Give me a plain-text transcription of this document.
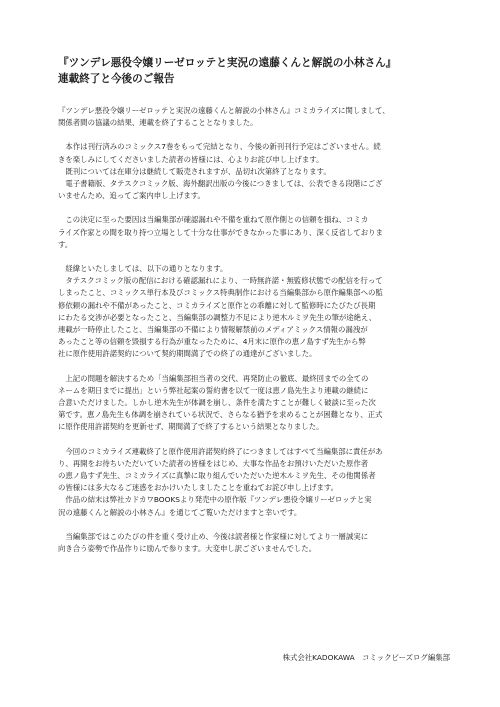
『ツンデレ悪役令嬢リーゼロッテと実況の遠藤くんと解説の小林さん』
連載終了と今後のご報告

『ツンデレ悪役令嬢リーゼロッテと実況の遠藤くんと解説の小林さん』コミカライズに関しまして、
関係者間の協議の結果、連載を終了することとなりました。

　本作は刊行済みのコミックス7巻をもって完結となり、今後の新刊刊行予定はございません。続
きを楽しみにしてくださいました読者の皆様には、心よりお詫び申し上げます。
　既刊については在庫分は継続して販売されますが、品切れ次第終了となります。
　電子書籍版、タテスクコミック版、海外翻訳出版の今後につきましては、公表できる段階にござ
いませんため、追ってご案内申し上げます。

　この決定に至った要因は当編集部が確認漏れや不備を重ねて原作側との信頼を損ね、コミカ
ライズ作家との間を取り持つ立場として十分な仕事ができなかった事にあり、深く反省しておりま
す。

　経緯といたしましては、以下の通りとなります。
　タテスクコミック版の配信における確認漏れにより、一時無許諾・無監修状態での配信を行って
しまったこと、コミックス単行本及びコミックス特典制作における当編集部から原作編集部への監
修依頼の漏れや不備があったこと、コミカライズと原作との乖離に対して監修時にたびたび長期
にわたる交渉が必要となったこと、当編集部の調整力不足により逆木ルミヲ先生の筆が途絶え、
連載が一時停止したこと、当編集部の不備により情報解禁前のメディアミックス情報の漏洩が
あったこと等の信頼を毀損する行為が重なったために、4月末に原作の恵ノ島すず先生から弊
社に原作使用許諾契約について契約期間満了での終了の通達がございました。

　上記の問題を解決するため「当編集部担当者の交代、再発防止の徹底、最終回までの全ての
ネームを期日までに提出」という弊社起案の誓約書を以て一度は恵ノ島先生より連載の継続に
合意いただけました。しかし逆木先生が体調を崩し、条件を満たすことが難しく破談に至った次
第です。恵ノ島先生も体調を崩されている状況で、さらなる猶予を求めることが困難となり、正式
に原作使用許諾契約を更新せず、期間満了で終了するという結果となりました。

　今回のコミカライズ連載終了と原作使用許諾契約終了につきましてはすべて当編集部に責任があ
り、再開をお待ちいただいていた読者の皆様をはじめ、大事な作品をお預けいただいた原作者
の恵ノ島すず先生、コミカライズに真摯に取り組んでいただいた逆木ルミヲ先生、その他関係者
の皆様には多大なるご迷惑をおかけいたしましたことを重ねてお詫び申し上げます。
　作品の結末は弊社カドカワBOOKSより発売中の原作版『ツンデレ悪役令嬢リーゼロッテと実
況の遠藤くんと解説の小林さん』を通じてご覧いただけますと幸いです。

　当編集部ではこのたびの件を重く受け止め、今後は読者様と作家様に対してより一層誠実に
向き合う姿勢で作品作りに励んで参ります。大変申し訳ございませんでした。

株式会社KADOKAWA　コミックビーズログ編集部
